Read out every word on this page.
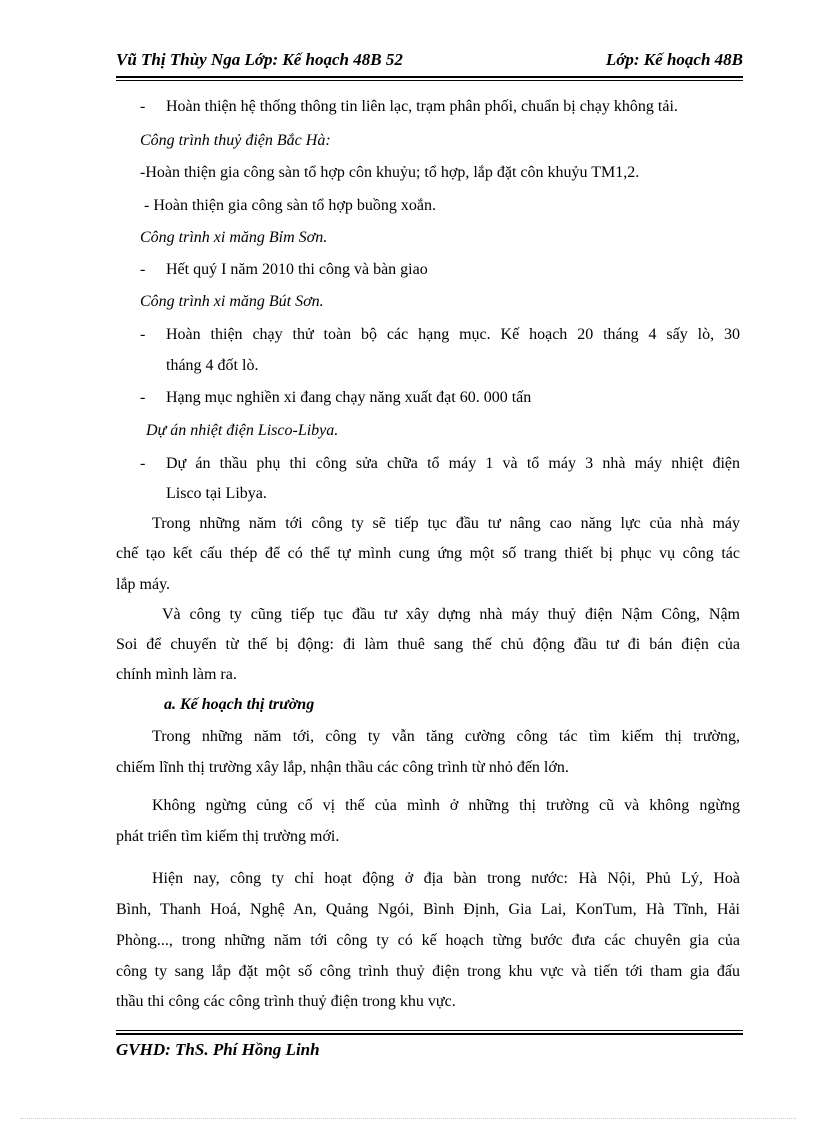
Vũ Thị Thùy Nga Lớp: Kế hoạch 48B 52	Lớp: Kế hoạch 48B
- Hoàn thiện hệ thống thông tin liên lạc, trạm phân phối, chuẩn bị chạy không tải.
Công trình thuỷ điện Bắc Hà:
-Hoàn thiện gia công sàn tổ hợp côn khuỷu; tổ hợp, lắp đặt côn khuỷu TM1,2.
- Hoàn thiện gia công sàn tổ hợp buồng xoắn.
Công trình xi măng Bỉm Sơn.
- Hết quý I năm 2010 thi công và bàn giao
Công trình xi măng Bút Sơn.
- Hoàn thiện chạy thử toàn bộ các hạng mục. Kế hoạch 20 tháng 4 sấy lò, 30
tháng 4 đốt lò.
- Hạng mục nghiền xi đang chạy năng xuất đạt 60. 000 tấn
Dự án nhiệt điện Lisco-Libya.
- Dự án thầu phụ thi công sửa chữa tổ máy 1 và tổ máy 3 nhà máy nhiệt điện
Lisco tại Libya.
Trong những năm tới công ty sẽ tiếp tục đầu tư nâng cao năng lực của nhà máy
chế tạo kết cấu thép để có thể tự mình cung ứng một số trang thiết bị phục vụ công tác
lắp máy.
Và công ty cũng tiếp tục đầu tư xây dựng nhà máy thuỷ điện Nậm Công, Nậm
Soi để chuyển từ thế bị động: đi làm thuê sang thế chủ động đầu tư đi bán điện của
chính mình làm ra.
a. Kế hoạch thị trường
Trong những năm tới, công ty vẫn tăng cường công tác tìm kiếm thị trường,
chiếm lĩnh thị trường xây lắp, nhận thầu các công trình từ nhỏ đến lớn.
Không ngừng củng cố vị thế của mình ở những thị trường cũ và không ngừng
phát triển tìm kiếm thị trường mới.
Hiện nay, công ty chỉ hoạt động ở địa bàn trong nước: Hà Nội, Phủ Lý, Hoà
Bình, Thanh Hoá, Nghệ An, Quảng Ngói, Bình Định, Gia Lai, KonTum, Hà Tĩnh, Hải
Phòng..., trong những năm tới công ty có kế hoạch từng bước đưa các chuyên gia của
công ty sang lắp đặt một số công trình thuỷ điện trong khu vực và tiến tới tham gia đấu
thầu thi công các công trình thuỷ điện trong khu vực.
GVHD: ThS. Phí Hồng Linh
